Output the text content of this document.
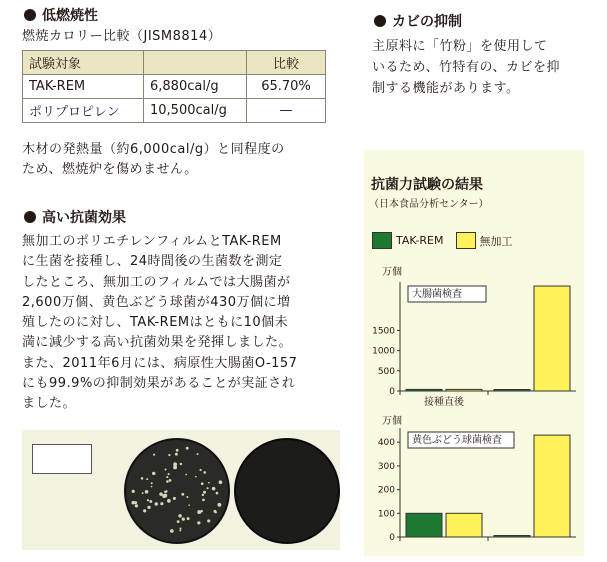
低燃焼性
燃焼カロリー比較（JISM8814）
試験対象		比較
TAK-REM	6,880cal/g	65.70%
ポリプロピレン	10,500cal/g	—
木材の発熱量（約6,000cal/g）と同程度の
ため、燃焼炉を傷めません。
高い抗菌効果
無加工のポリエチレンフィルムとTAK-REM
に生菌を接種し、24時間後の生菌数を測定
したところ、無加工のフィルムでは大腸菌が
2,600万個、黄色ぶどう球菌が430万個に増
殖したのに対し、TAK-REMはともに10個未
満に減少する高い抗菌効果を発揮しました。
また、2011年6月には、病原性大腸菌O-157
にも99.9%の抑制効果があることが実証され
ました。
カビの抑制
主原料に「竹粉」を使用して
いるため、竹特有の、カビを抑
制する機能があります。
抗菌力試験の結果
（日本食品分析センター）
TAK-REM	無加工
万個
0
500
1000
1500
大腸菌検査
接種直後
万個
0
100
200
300
400 黄色ぶどう球菌検査
